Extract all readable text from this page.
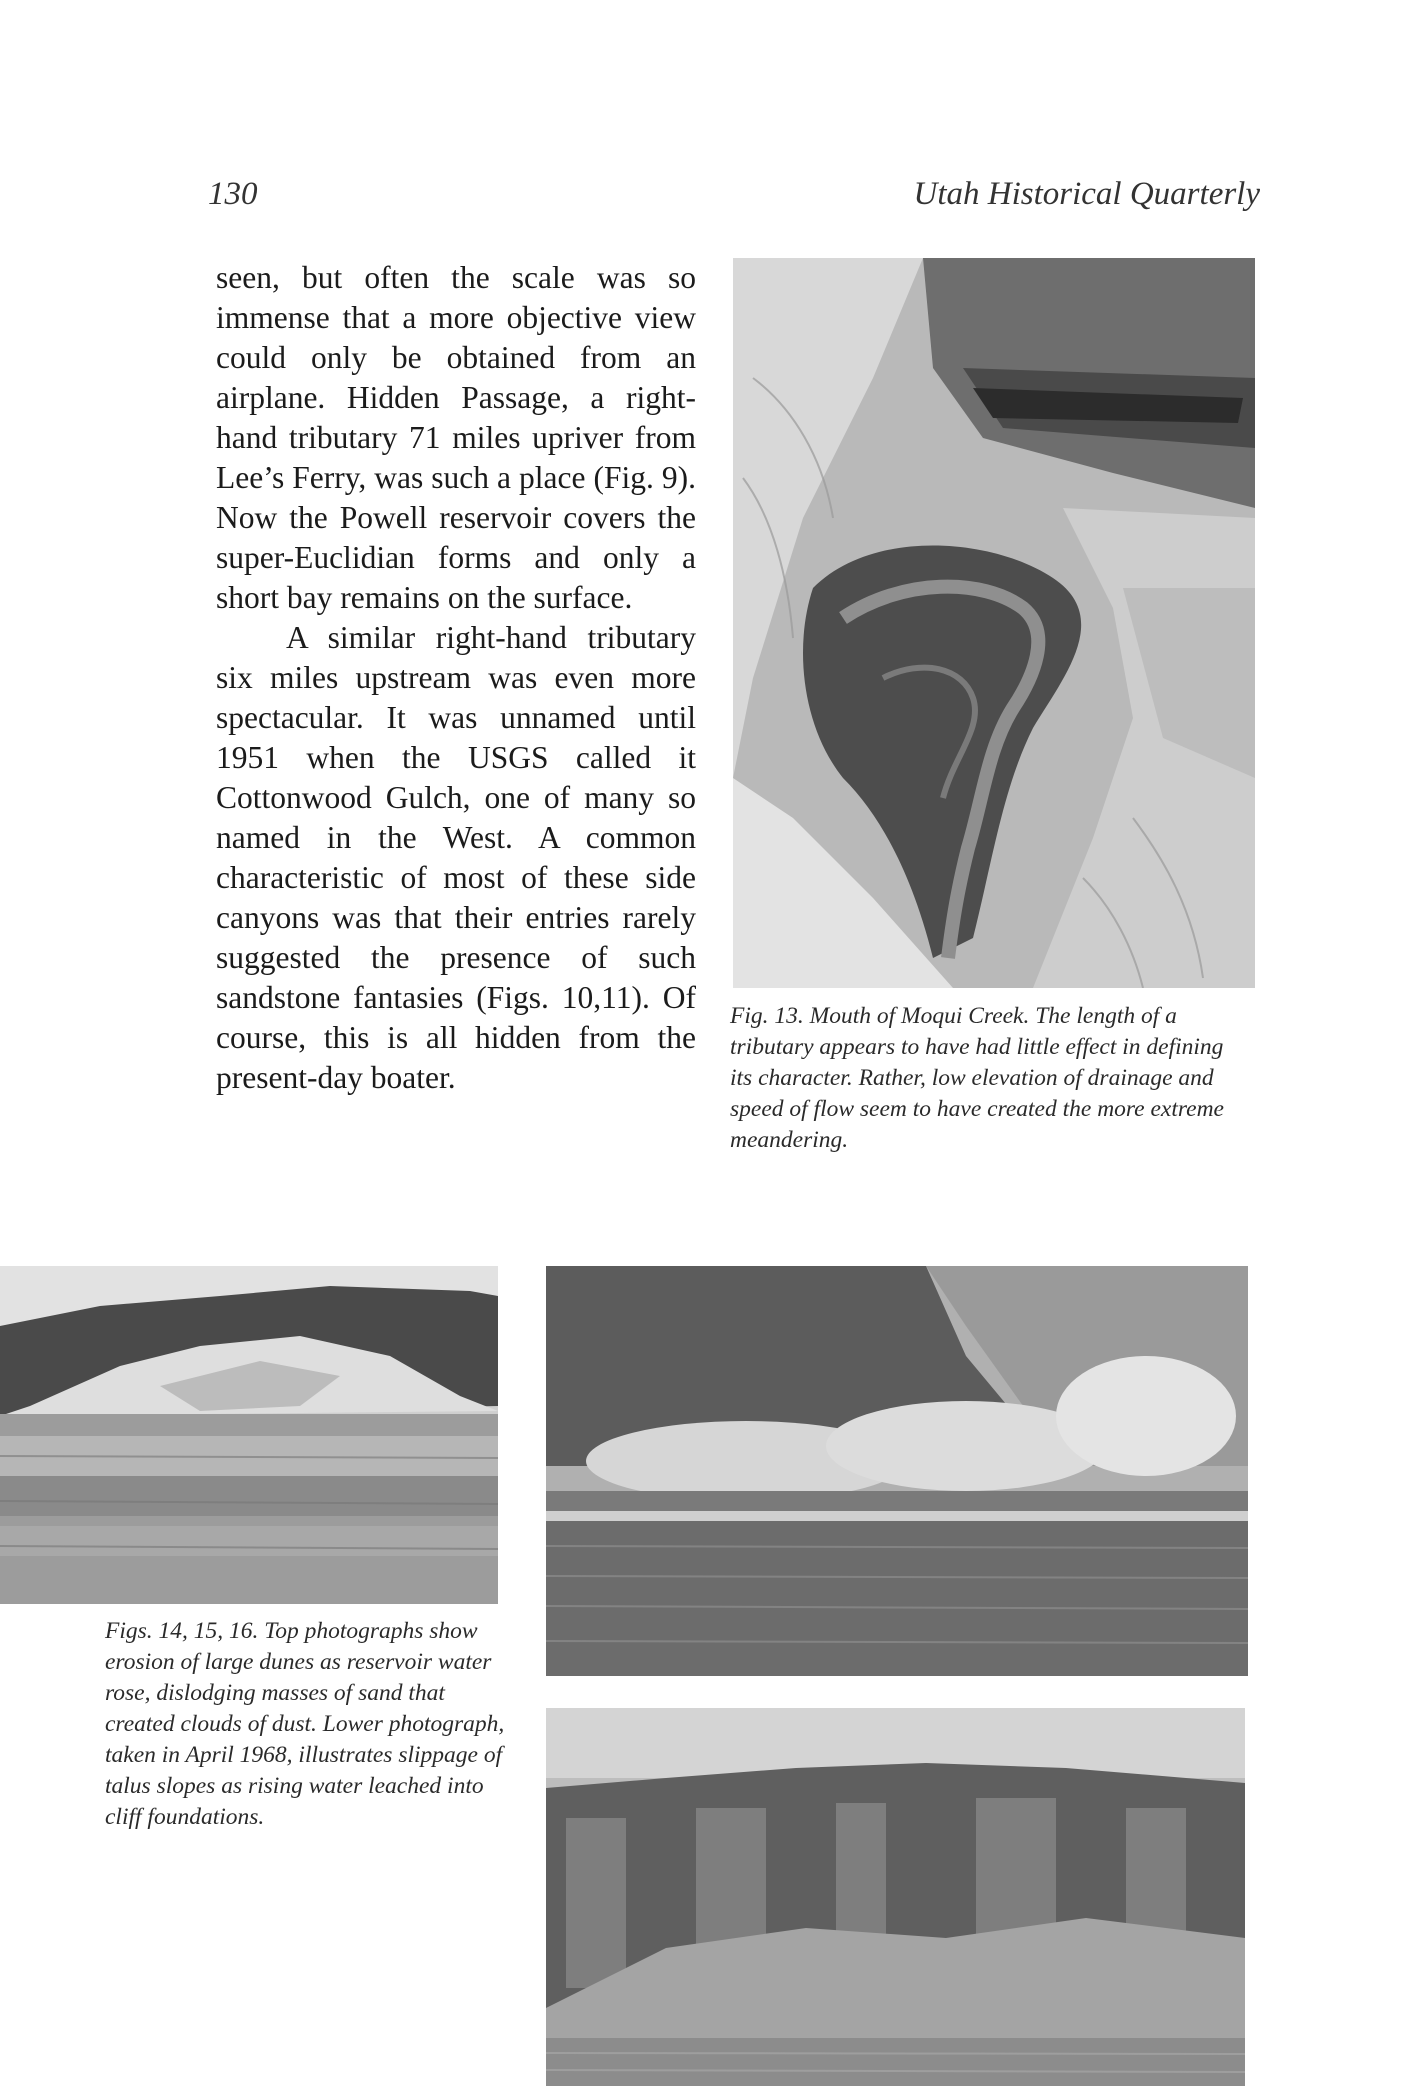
130	Utah Historical Quarterly

seen, but often the scale was so immense that a more objective view could only be obtained from an airplane. Hidden Passage, a right-hand tributary 71 miles upriver from Lee’s Ferry, was such a place (Fig. 9). Now the Powell reservoir covers the super-Euclidian forms and only a short bay remains on the surface.

A similar right-hand tributary six miles upstream was even more spectacular. It was unnamed until 1951 when the USGS called it Cottonwood Gulch, one of many so named in the West. A common characteristic of most of these side canyons was that their entries rarely suggested the presence of such sandstone fantasies (Figs. 10,11). Of course, this is all hidden from the present-day boater.

Fig. 13. Mouth of Moqui Creek. The length of a tributary appears to have had little effect in defining its character. Rather, low elevation of drainage and speed of flow seem to have created the more extreme meandering.
Figs. 14, 15, 16. Top photographs show erosion of large dunes as reservoir water rose, dislodging masses of sand that created clouds of dust. Lower photograph, taken in April 1968, illustrates slippage of talus slopes as rising water leached into cliff foundations.
